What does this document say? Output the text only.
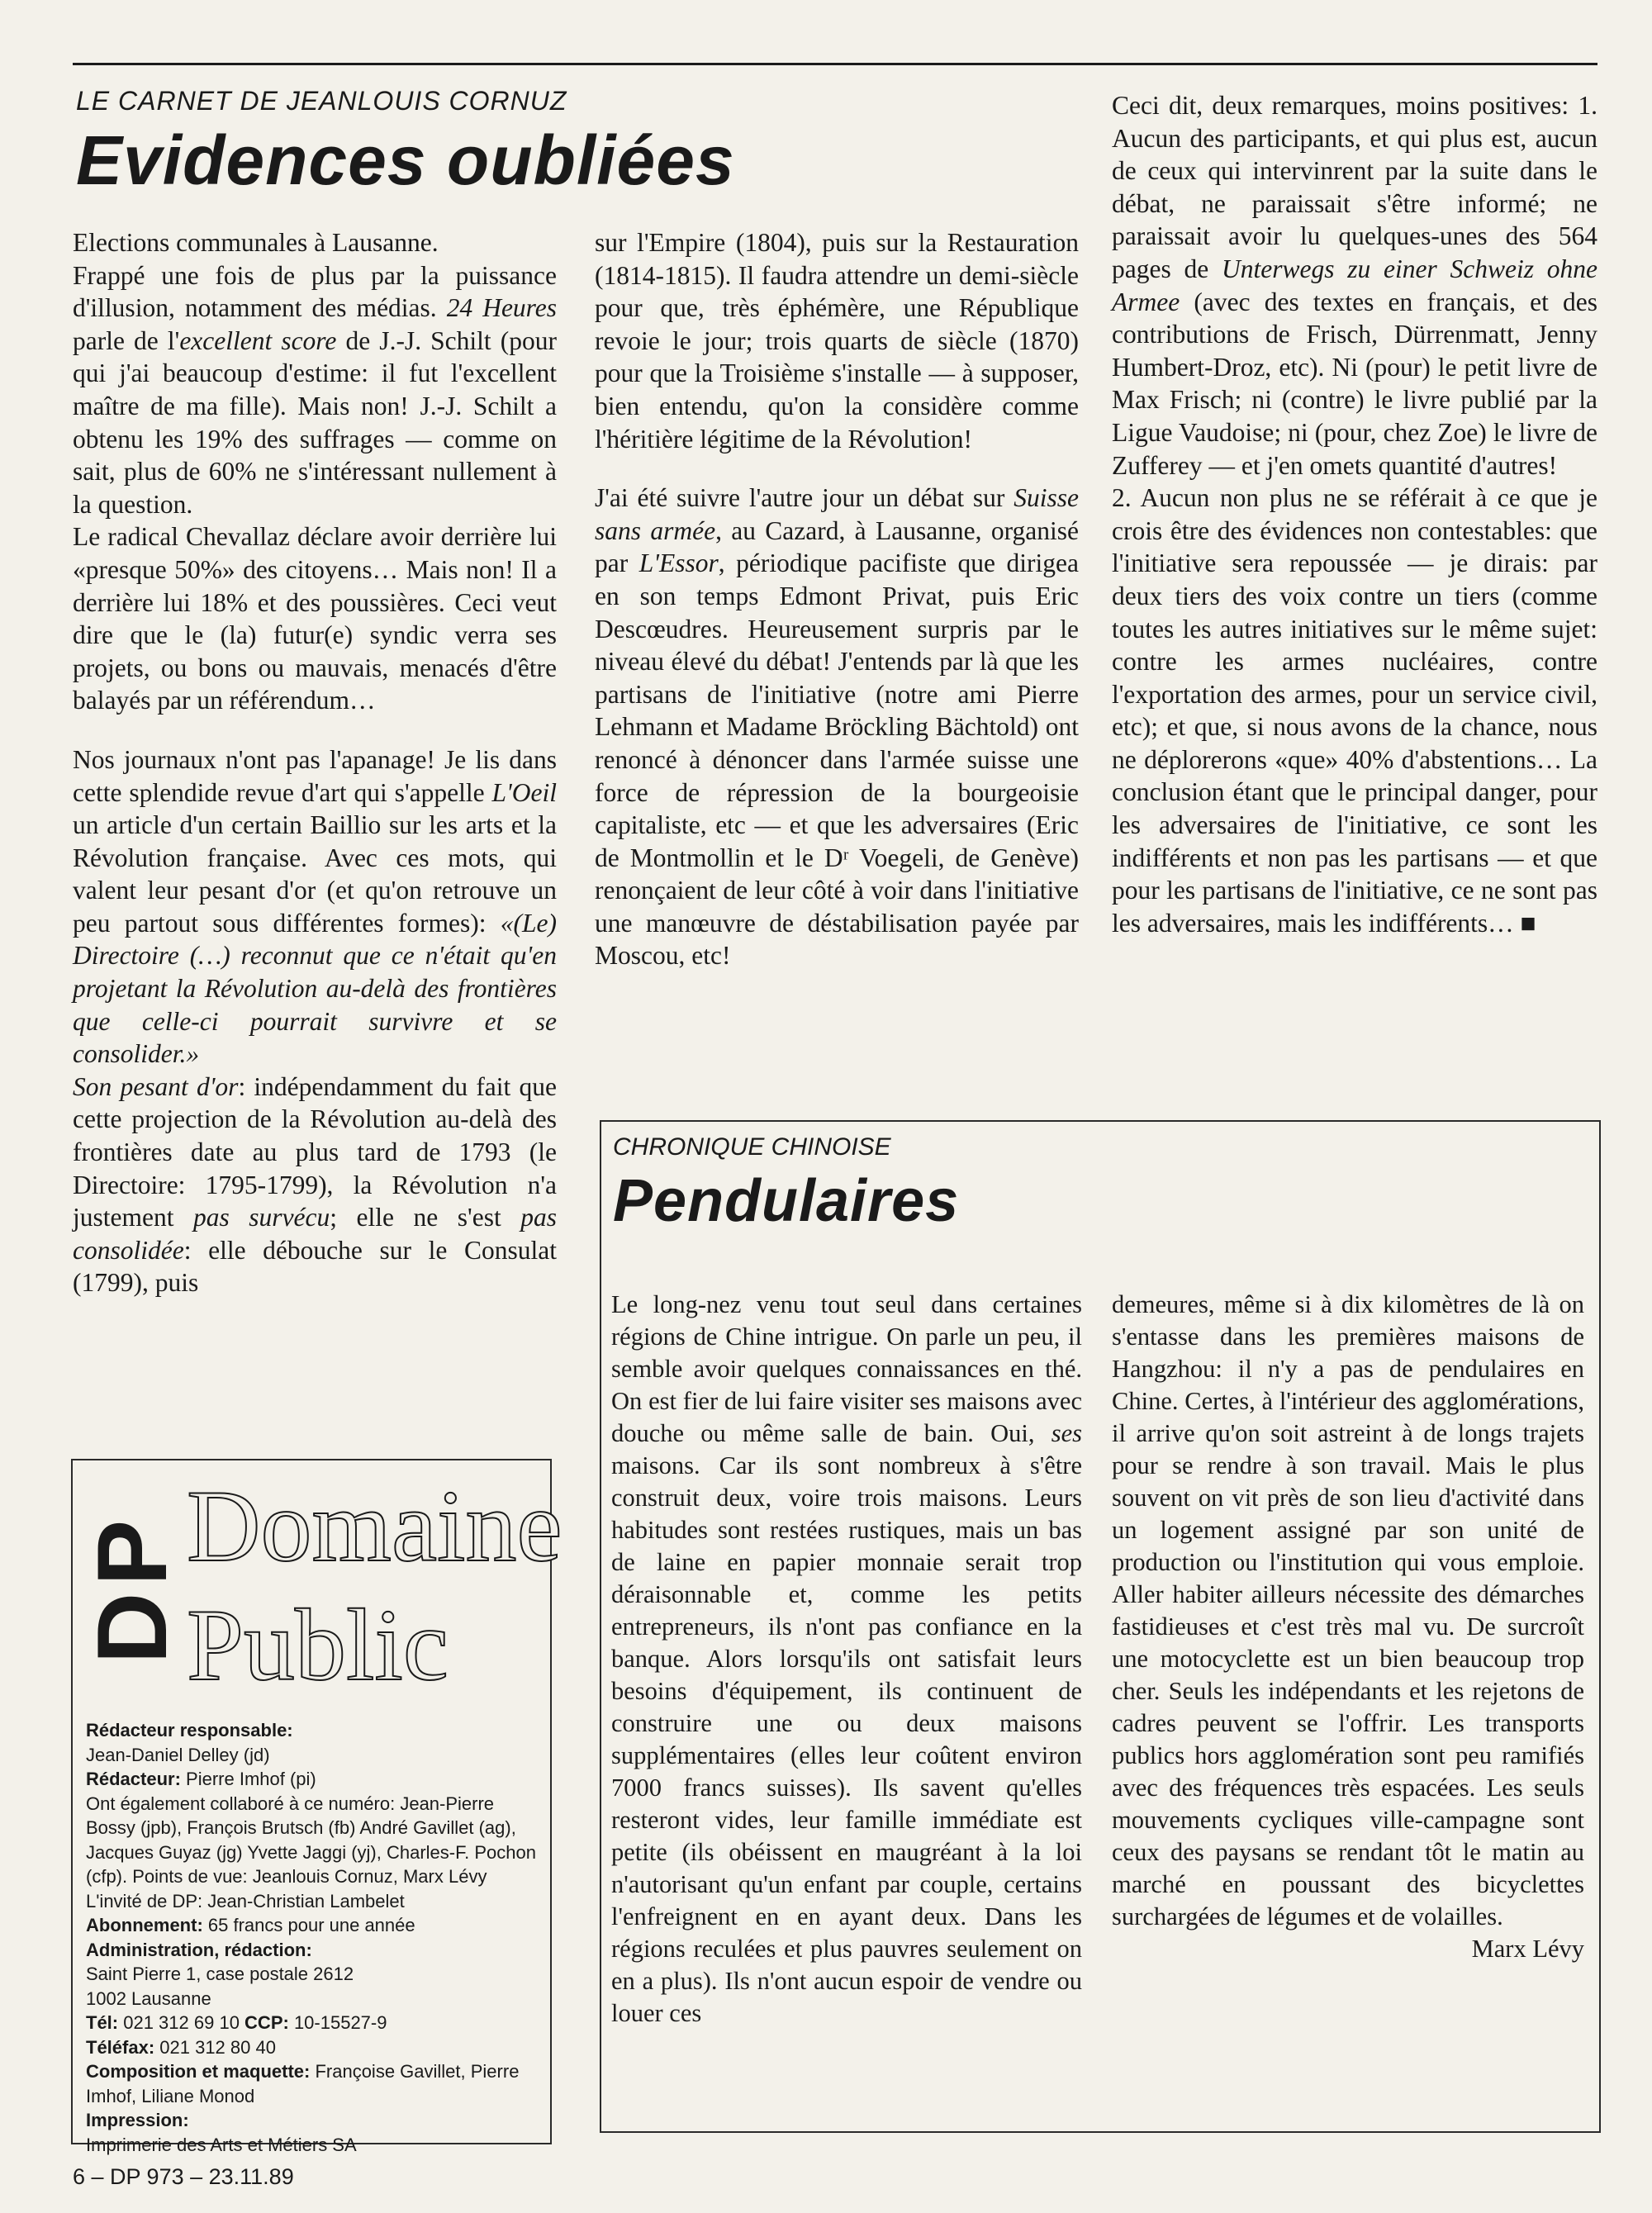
LE CARNET DE JEANLOUIS CORNUZ
Evidences oubliées

Elections communales à Lausanne.

Frappé une fois de plus par la puissance d'illusion, notamment des médias. 24 Heures parle de l'excellent score de J.-J. Schilt (pour qui j'ai beaucoup d'estime: il fut l'excellent maître de ma fille). Mais non! J.-J. Schilt a obtenu les 19% des suffrages — comme on sait, plus de 60% ne s'intéressant nullement à la question.

Le radical Chevallaz déclare avoir derrière lui «presque 50%» des citoyens… Mais non! Il a derrière lui 18% et des poussières. Ceci veut dire que le (la) futur(e) syndic verra ses projets, ou bons ou mauvais, menacés d'être balayés par un référendum…

Nos journaux n'ont pas l'apanage! Je lis dans cette splendide revue d'art qui s'appelle L'Oeil un article d'un certain Baillio sur les arts et la Révolution française. Avec ces mots, qui valent leur pesant d'or (et qu'on retrouve un peu partout sous différentes formes): «(Le) Directoire (…) reconnut que ce n'était qu'en projetant la Révolution au-delà des frontières que celle-ci pourrait survivre et se consolider.»

Son pesant d'or: indépendamment du fait que cette projection de la Révolution au-delà des frontières date au plus tard de 1793 (le Directoire: 1795-1799), la Révolution n'a justement pas survécu; elle ne s'est pas consolidée: elle débouche sur le Consulat (1799), puis

sur l'Empire (1804), puis sur la Restauration (1814-1815). Il faudra attendre un demi-siècle pour que, très éphémère, une République revoie le jour; trois quarts de siècle (1870) pour que la Troisième s'installe — à supposer, bien entendu, qu'on la considère comme l'héritière légitime de la Révolution!

J'ai été suivre l'autre jour un débat sur Suisse sans armée, au Cazard, à Lausanne, organisé par L'Essor, périodique pacifiste que dirigea en son temps Edmont Privat, puis Eric Descœudres. Heureusement surpris par le niveau élevé du débat! J'entends par là que les partisans de l'initiative (notre ami Pierre Lehmann et Madame Bröckling Bächtold) ont renoncé à dénoncer dans l'armée suisse une force de répression de la bourgeoisie capitaliste, etc — et que les adversaires (Eric de Montmollin et le Dʳ Voegeli, de Genève) renonçaient de leur côté à voir dans l'initiative une manœuvre de déstabilisation payée par Moscou, etc!

Ceci dit, deux remarques, moins positives: 1. Aucun des participants, et qui plus est, aucun de ceux qui intervinrent par la suite dans le débat, ne paraissait s'être informé; ne paraissait avoir lu quelques-unes des 564 pages de Unterwegs zu einer Schweiz ohne Armee (avec des textes en français, et des contributions de Frisch, Dürrenmatt, Jenny Humbert-Droz, etc). Ni (pour) le petit livre de Max Frisch; ni (contre) le livre publié par la Ligue Vaudoise; ni (pour, chez Zoe) le livre de Zufferey — et j'en omets quantité d'autres!

2. Aucun non plus ne se référait à ce que je crois être des évidences non contestables: que l'initiative sera repoussée — je dirais: par deux tiers des voix contre un tiers (comme toutes les autres initiatives sur le même sujet: contre les armes nucléaires, contre l'exportation des armes, pour un service civil, etc); et que, si nous avons de la chance, nous ne déplorerons «que» 40% d'abstentions… La conclusion étant que le principal danger, pour les adversaires de l'initiative, ce sont les indifférents et non pas les partisans — et que pour les partisans de l'initiative, ce ne sont pas les adversaires, mais les indifférents… ■

CHRONIQUE CHINOISE
Pendulaires

Le long-nez venu tout seul dans certaines régions de Chine intrigue. On parle un peu, il semble avoir quelques connaissances en thé. On est fier de lui faire visiter ses maisons avec douche ou même salle de bain. Oui, ses maisons. Car ils sont nombreux à s'être construit deux, voire trois maisons. Leurs habitudes sont restées rustiques, mais un bas de laine en papier monnaie serait trop déraisonnable et, comme les petits entrepreneurs, ils n'ont pas confiance en la banque. Alors lorsqu'ils ont satisfait leurs besoins d'équipement, ils continuent de construire une ou deux maisons supplémentaires (elles leur coûtent environ 7000 francs suisses). Ils savent qu'elles resteront vides, leur famille immédiate est petite (ils obéissent en maugréant à la loi n'autorisant qu'un enfant par couple, certains l'enfreignent en en ayant deux. Dans les régions reculées et plus pauvres seulement on en a plus). Ils n'ont aucun espoir de vendre ou louer ces

demeures, même si à dix kilomètres de là on s'entasse dans les premières maisons de Hangzhou: il n'y a pas de pendulaires en Chine. Certes, à l'intérieur des agglomérations, il arrive qu'on soit astreint à de longs trajets pour se rendre à son travail. Mais le plus souvent on vit près de son lieu d'activité dans un logement assigné par son unité de production ou l'institution qui vous emploie. Aller habiter ailleurs nécessite des démarches fastidieuses et c'est très mal vu. De surcroît une motocyclette est un bien beaucoup trop cher. Seuls les indépendants et les rejetons de cadres peuvent se l'offrir. Les transports publics hors agglomération sont peu ramifiés avec des fréquences très espacées. Les seuls mouvements cycliques ville-campagne sont ceux des paysans se rendant tôt le matin au marché en poussant des bicyclettes surchargées de légumes et de volailles.

Marx Lévy

DP Domaine
Public
Rédacteur responsable:
Jean-Daniel Delley (jd)
Rédacteur: Pierre Imhof (pi)
Ont également collaboré à ce numéro: Jean-Pierre Bossy (jpb), François Brutsch (fb) André Gavillet (ag), Jacques Guyaz (jg) Yvette Jaggi (yj), Charles-F. Pochon (cfp). Points de vue: Jeanlouis Cornuz, Marx Lévy
L'invité de DP: Jean-Christian Lambelet
Abonnement: 65 francs pour une année
Administration, rédaction:
Saint Pierre 1, case postale 2612
1002 Lausanne
Tél: 021 312 69 10 CCP: 10-15527-9
Téléfax: 021 312 80 40
Composition et maquette: Françoise Gavillet, Pierre Imhof, Liliane Monod
Impression:
Imprimerie des Arts et Métiers SA
6 – DP 973 – 23.11.89
